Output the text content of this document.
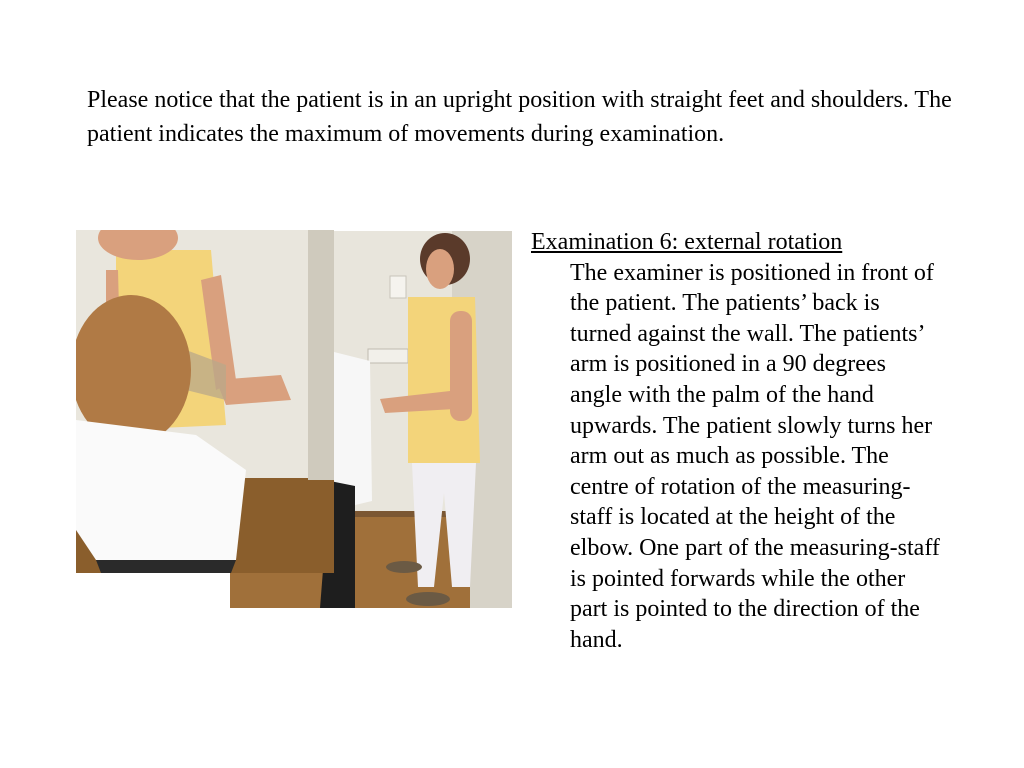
Please notice that the patient is in an upright position with straight feet and shoulders. The patient indicates the maximum of movements during examination.

Examination 6: external rotation
The examiner is positioned in front of the patient. The patients’ back is turned against the wall. The patients’ arm is positioned in a 90 degrees angle with the palm of the hand upwards. The patient slowly turns her arm out as much as possible. The centre of rotation of the measuring-staff is located at the height of the elbow. One part of the measuring-staff is pointed forwards while the other part is pointed to the direction of the hand.
